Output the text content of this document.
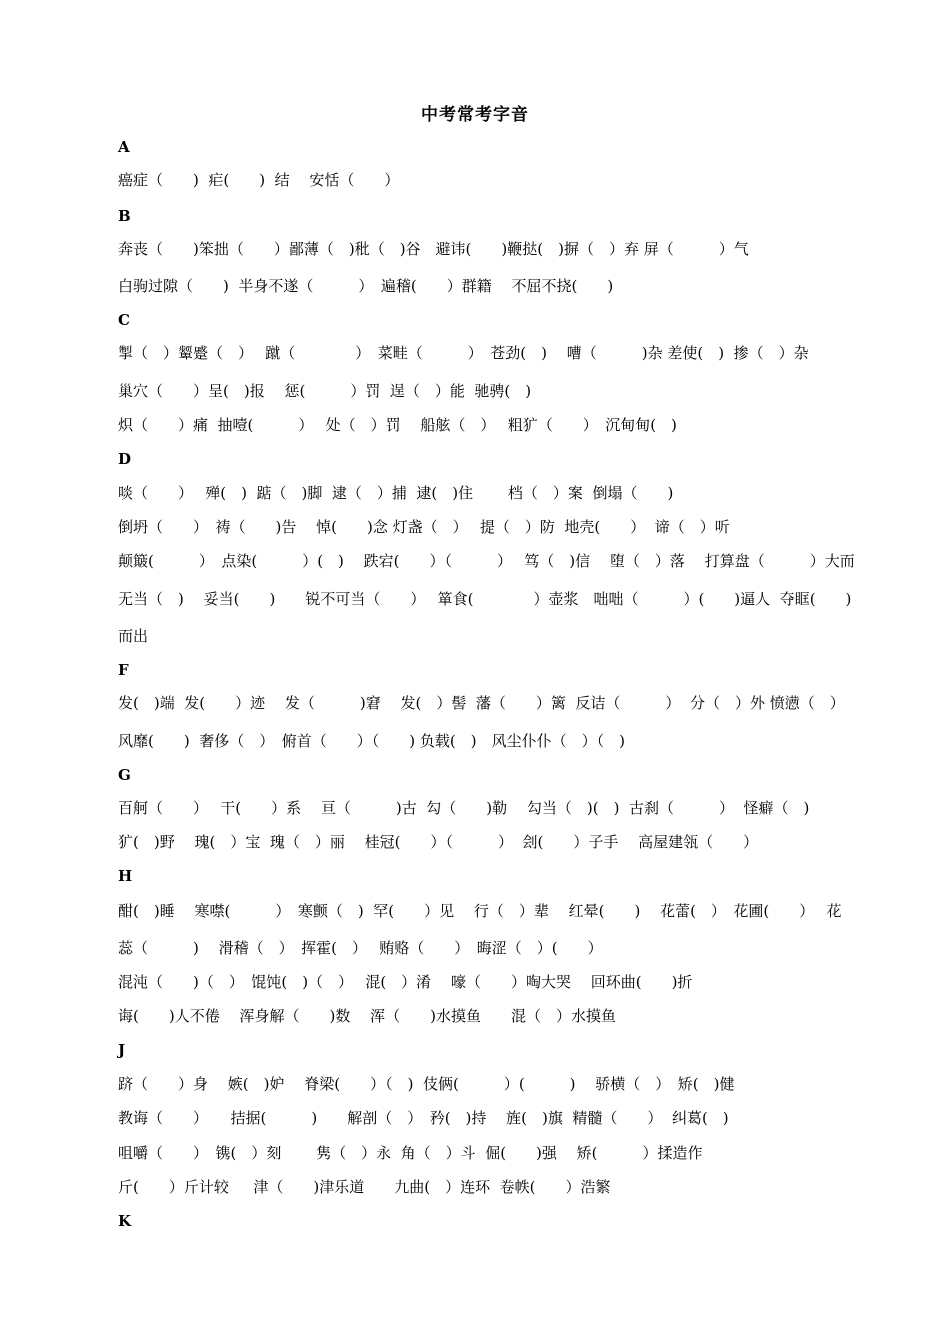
中考常考字音
A
癌症（　　)  疟(　　)  结　 安恬（　　）
B
奔丧（　　)笨拙（　　）鄙薄（　)秕（　)谷　避讳(　　)鞭挞(　)摒（　）弃 屏（　　　）气
白驹过隙（　　)  半身不遂（　　　）　遍稽(　　）群籍　 不屈不挠(　　)
C
掣（　）颦蹙（　）　 蹴（　　　　）　菜畦（　　　）　苍劲(　)　 嘈（　　　)杂 差使(　)  掺（　）杂
巢穴（　　）呈(　)报　 惩(　　　）罚  逞（　）能  驰骋(　)
炽（　　）痛  抽噎(　　　）　 处（　）罚　 船舷（　）　 粗犷（　　）　沉甸甸(　)
D
啖（　　）　 殚(　)  踮（　)脚  逮（　）捕  逮(　)住　　 档（　）案  倒塌（　　)
倒坍（　　）　祷（　　)告　 悼(　　)念 灯盏（　）　 提（　）防  地壳(　　）  谛（　）听
颠簸(　　　）　点染(　　　）(　)　 跌宕(　　）（　　　）　 笃（　)信　 堕（　）落　 打算盘（　　　）大而
无当（　)　 妥当(　　)　　锐不可当（　　）　 箪食(　　　　）壶浆　咄咄（　　　）(　　)逼人  夺眶(　　)
而出
F
发(　)端  发(　　）迹　 发（　　　)窘　 发(　）髻  藩（　　）篱  反诘（　　　）  分（　）外 愤懑（　）
风靡(　　)  奢侈（　）　俯首（　　）（　　) 负载(　)　风尘仆仆（　）（　)
G
百舸（　　）　 干(　　）系　 亘（　　　)古  勾（　　)勒　 勾当（　)(　)  古刹（　　　）  怪癖（　)
犷(　)野　 瑰(　）宝  瑰（　）丽　 桂冠(　　）（　　　）  刽(　　）子手　 高屋建瓴（　　）
H
酣(　)睡　 寒噤(　　　）　寒颤（　)  罕(　　）见　 行（　）辈　 红晕(　　)　 花蕾(　）　花圃(　　）　 花
蕊（　　　)　 滑稽（　）　挥霍(　）　 贿赂（　　）　晦涩（　）(　　）
混沌（　　)（　）　馄饨(　)（　）　 混(　）淆　 嚎（　　）啕大哭　 回环曲(　　)折
诲(　　)人不倦　 浑身解（　　)数　 浑（　　)水摸鱼　　混（　）水摸鱼
J
跻（　　）身　 嫉(　)妒　 脊梁(　　）（　)  伎俩(　　　）(　　　)　 骄横（　）　矫(　)健
教诲（　　）　　拮据(　　　)　　解剖（　）　矜(　)持　 旌(　)旗  精髓（　　）  纠葛(　)
咀嚼（　　）　镌(　）刻　　 隽（　）永  角（　）斗  倔(　　)强　 矫(　　　）揉造作
斤(　　）斤计较　  津（　　)津乐道　　九曲(　）连环  卷帙(　　）浩繁
K
